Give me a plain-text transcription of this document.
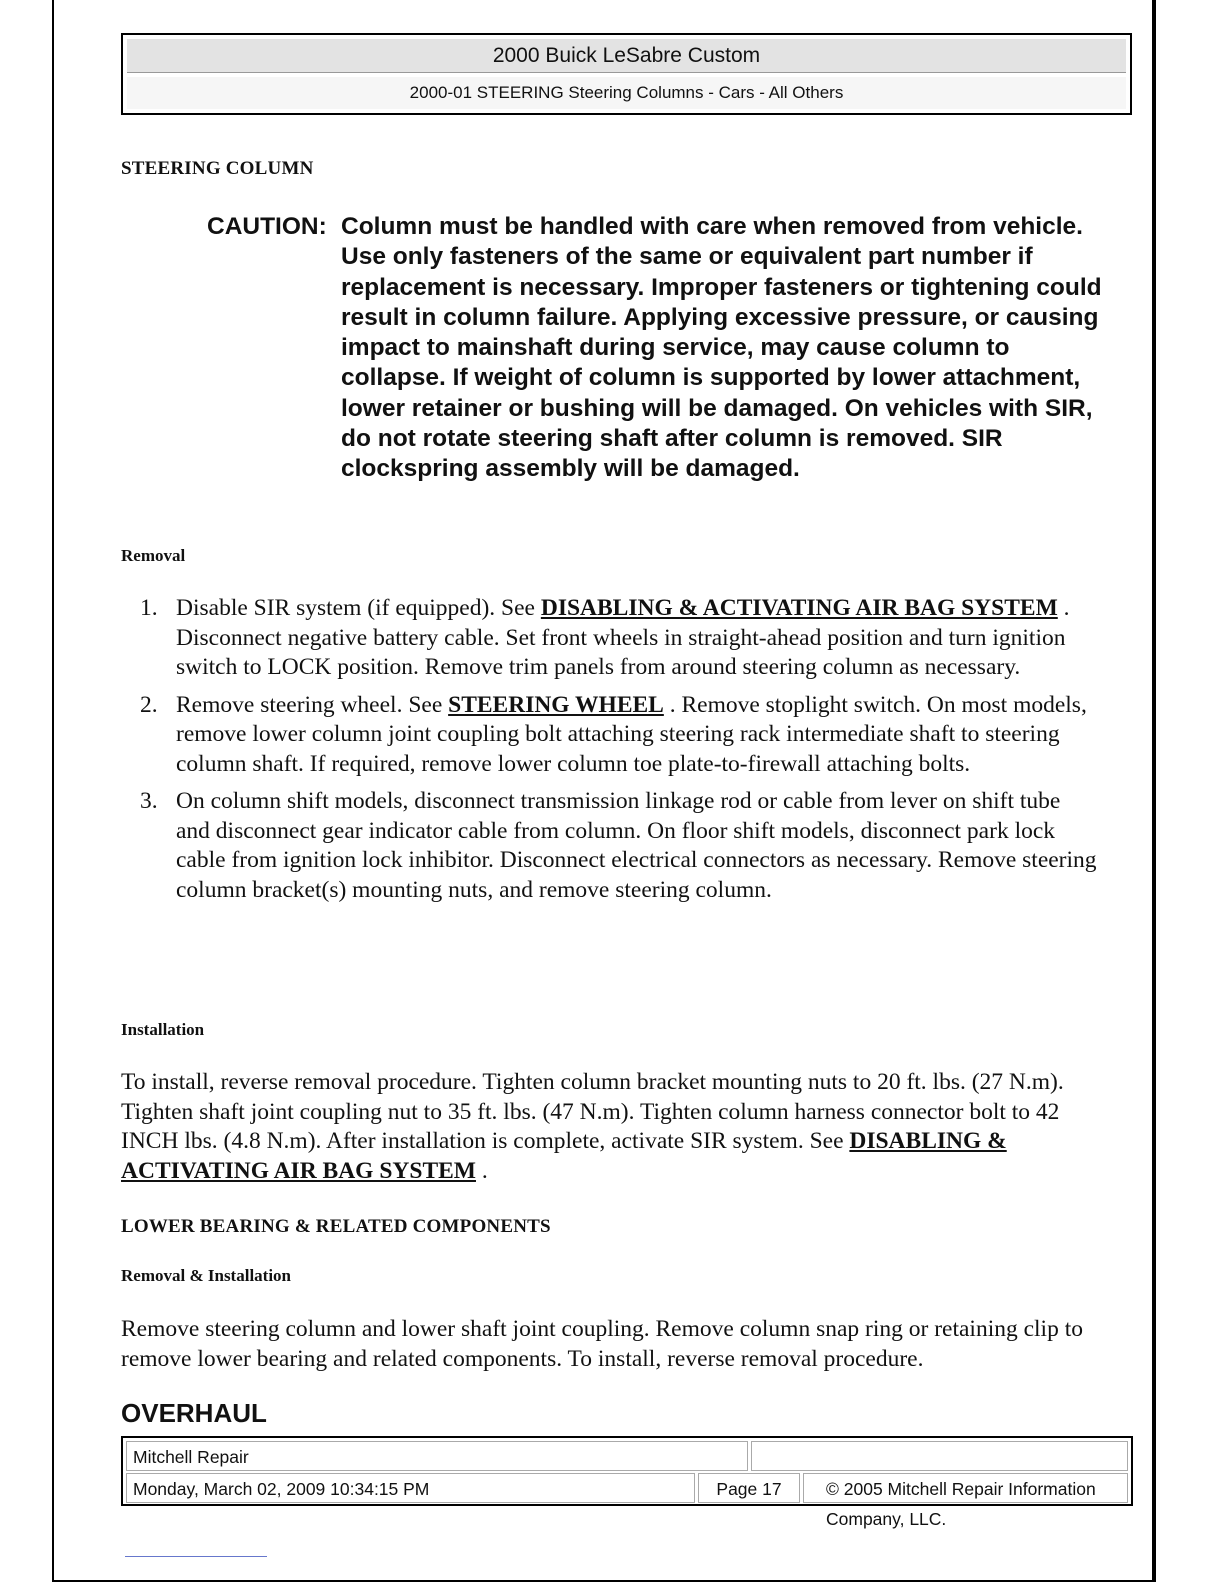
2000 Buick LeSabre Custom
2000-01 STEERING Steering Columns - Cars - All Others
STEERING COLUMN
CAUTION: Column must be handled with care when removed from vehicle. Use only fasteners of the same or equivalent part number if replacement is necessary. Improper fasteners or tightening could result in column failure. Applying excessive pressure, or causing impact to mainshaft during service, may cause column to collapse. If weight of column is supported by lower attachment, lower retainer or bushing will be damaged. On vehicles with SIR, do not rotate steering shaft after column is removed. SIR clockspring assembly will be damaged.
Removal
1. Disable SIR system (if equipped). See DISABLING & ACTIVATING AIR BAG SYSTEM . Disconnect negative battery cable. Set front wheels in straight-ahead position and turn ignition switch to LOCK position. Remove trim panels from around steering column as necessary.
2. Remove steering wheel. See STEERING WHEEL . Remove stoplight switch. On most models, remove lower column joint coupling bolt attaching steering rack intermediate shaft to steering column shaft. If required, remove lower column toe plate-to-firewall attaching bolts.
3. On column shift models, disconnect transmission linkage rod or cable from lever on shift tube and disconnect gear indicator cable from column. On floor shift models, disconnect park lock cable from ignition lock inhibitor. Disconnect electrical connectors as necessary. Remove steering column bracket(s) mounting nuts, and remove steering column.
Installation
To install, reverse removal procedure. Tighten column bracket mounting nuts to 20 ft. lbs. (27 N.m). Tighten shaft joint coupling nut to 35 ft. lbs. (47 N.m). Tighten column harness connector bolt to 42 INCH lbs. (4.8 N.m). After installation is complete, activate SIR system. See DISABLING & ACTIVATING AIR BAG SYSTEM .
LOWER BEARING & RELATED COMPONENTS
Removal & Installation
Remove steering column and lower shaft joint coupling. Remove column snap ring or retaining clip to remove lower bearing and related components. To install, reverse removal procedure.
OVERHAUL
Mitchell Repair
Monday, March 02, 2009 10:34:15 PM	Page 17	© 2005 Mitchell Repair Information Company, LLC.
